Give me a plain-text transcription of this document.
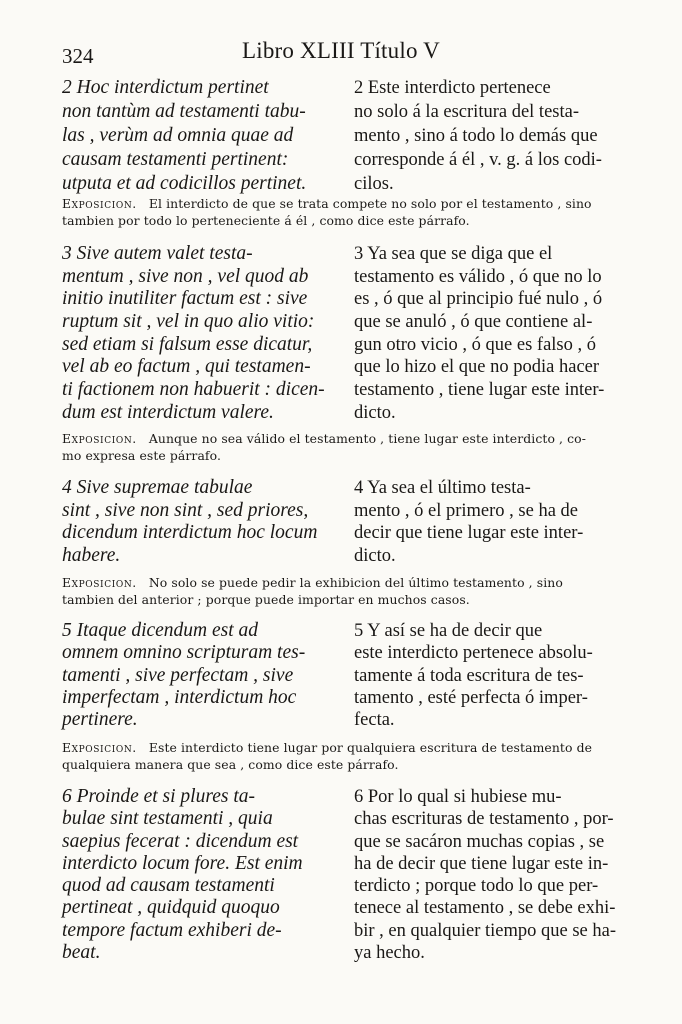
324	Libro XLIII Título V
2 Hoc interdictum pertinet
non tantùm ad testamenti tabu-
las , verùm ad omnia quae ad
causam testamenti pertinent:
utputa et ad codicillos pertinet.
2 Este interdicto pertenece
no solo á la escritura del testa-
mento , sino á todo lo demás que
corresponde á él , v. g. á los codi-
cilos.
Exposicion. El interdicto de que se trata compete no solo por el testamento , sino
tambien por todo lo perteneciente á él , como dice este párrafo.
3 Sive autem valet testa-
mentum , sive non , vel quod ab
initio inutiliter factum est : sive
ruptum sit , vel in quo alio vitio:
sed etiam si falsum esse dicatur,
vel ab eo factum , qui testamen-
ti factionem non habuerit : dicen-
dum est interdictum valere.
3 Ya sea que se diga que el
testamento es válido , ó que no lo
es , ó que al principio fué nulo , ó
que se anuló , ó que contiene al-
gun otro vicio , ó que es falso , ó
que lo hizo el que no podia hacer
testamento , tiene lugar este inter-
dicto.
Exposicion. Aunque no sea válido el testamento , tiene lugar este interdicto , co-
mo expresa este párrafo.
4 Sive supremae tabulae
sint , sive non sint , sed priores,
dicendum interdictum hoc locum
habere.
4 Ya sea el último testa-
mento , ó el primero , se ha de
decir que tiene lugar este inter-
dicto.
Exposicion. No solo se puede pedir la exhibicion del último testamento , sino
tambien del anterior ; porque puede importar en muchos casos.
5 Itaque dicendum est ad
omnem omnino scripturam tes-
tamenti , sive perfectam , sive
imperfectam , interdictum hoc
pertinere.
5 Y así se ha de decir que
este interdicto pertenece absolu-
tamente á toda escritura de tes-
tamento , esté perfecta ó imper-
fecta.
Exposicion. Este interdicto tiene lugar por qualquiera escritura de testamento de
qualquiera manera que sea , como dice este párrafo.
6 Proinde et si plures ta-
bulae sint testamenti , quia
saepius fecerat : dicendum est
interdicto locum fore. Est enim
quod ad causam testamenti
pertineat , quidquid quoquo
tempore factum exhiberi de-
beat.
6 Por lo qual si hubiese mu-
chas escrituras de testamento , por-
que se sacáron muchas copias , se
ha de decir que tiene lugar este in-
terdicto ; porque todo lo que per-
tenece al testamento , se debe exhi-
bir , en qualquier tiempo que se ha-
ya hecho.
